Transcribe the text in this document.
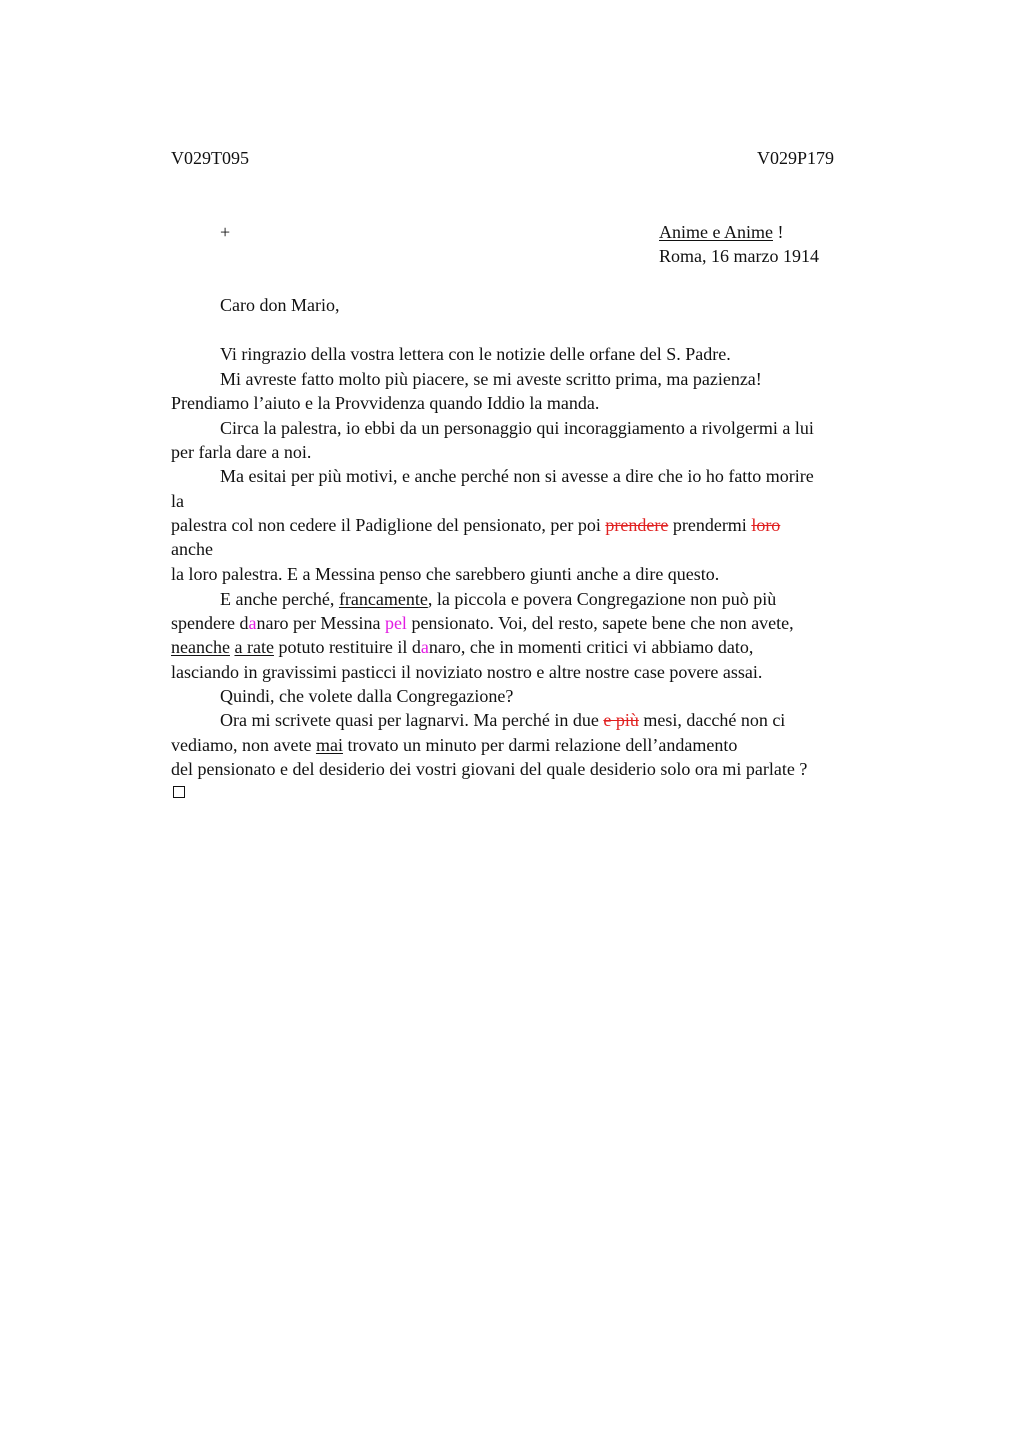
V029T095	V029P179
+	Anime e Anime !
Roma, 16 marzo 1914
Caro don Mario,
Vi ringrazio della vostra lettera con le notizie delle orfane del S. Padre.
Mi avreste fatto molto più piacere, se mi aveste scritto prima, ma pazienza!
Prendiamo l’aiuto e la Provvidenza quando Iddio la manda.
Circa la palestra, io ebbi da un personaggio qui incoraggiamento a rivolgermi a lui
per farla dare a noi.
Ma esitai per più motivi, e anche perché non si avesse a dire che io ho fatto morire
la
palestra col non cedere il Padiglione del pensionato, per poi prendere prendermi loro
anche
la loro palestra. E a Messina penso che sarebbero giunti anche a dire questo.
E anche perché, francamente, la piccola e povera Congregazione non può più
spendere danaro per Messina pel pensionato. Voi, del resto, sapete bene che non avete,
neanche a rate potuto restituire il danaro, che in momenti critici vi abbiamo dato,
lasciando in gravissimi pasticci il noviziato nostro e altre nostre case povere assai.
Quindi, che volete dalla Congregazione?
Ora mi scrivete quasi per lagnarvi. Ma perché in due e più mesi, dacché non ci
vediamo, non avete mai trovato un minuto per darmi relazione dell’andamento
del pensionato e del desiderio dei vostri giovani del quale desiderio solo ora mi parlate ?
